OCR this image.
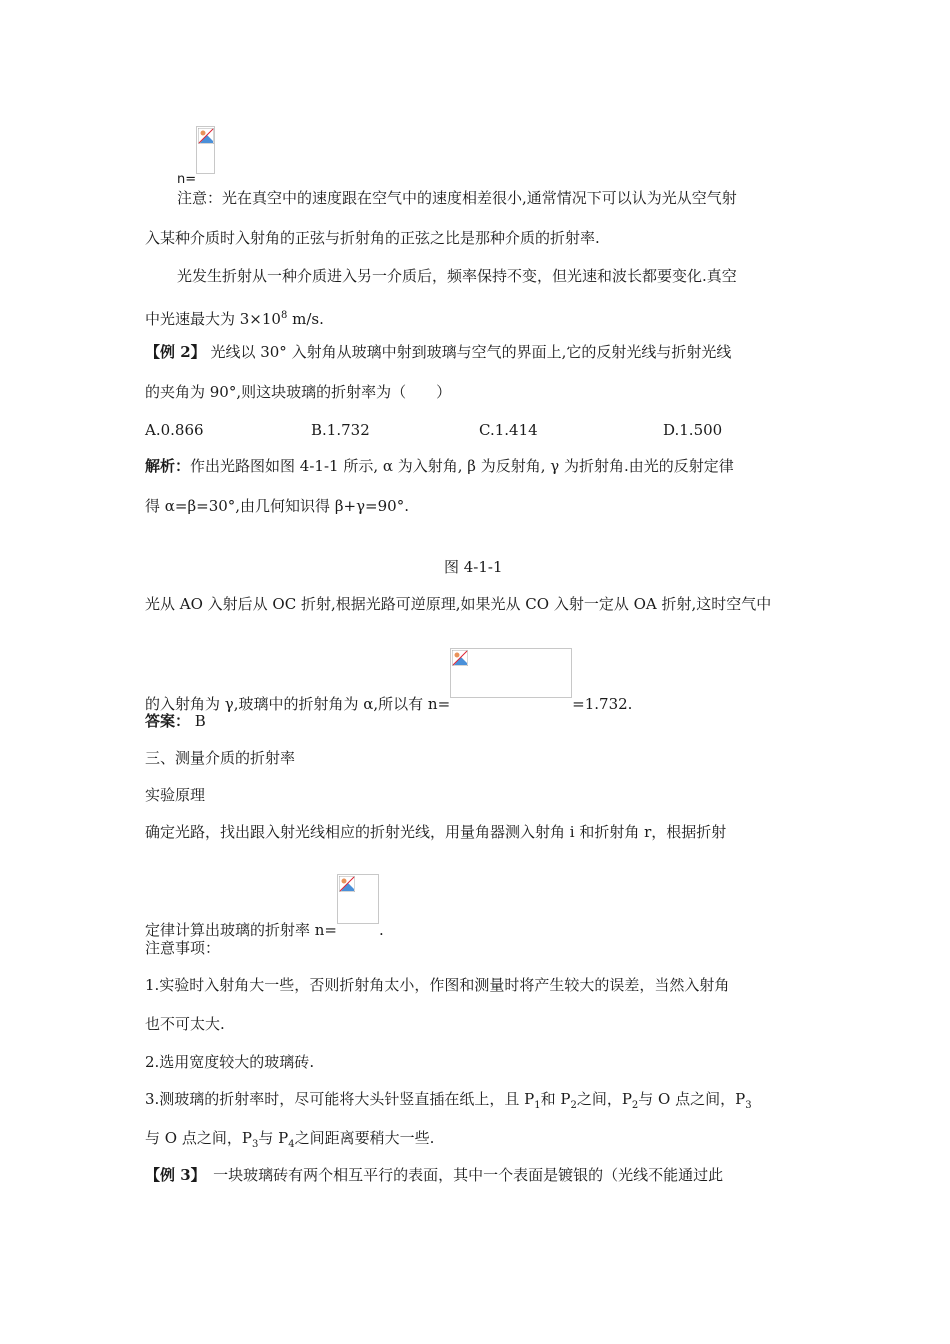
n=
注意：光在真空中的速度跟在空气中的速度相差很小,通常情况下可以认为光从空气射
入某种介质时入射角的正弦与折射角的正弦之比是那种介质的折射率.
光发生折射从一种介质进入另一介质后，频率保持不变，但光速和波长都要变化.真空
中光速最大为 $3\times 10^8$ m/s.
【例 2】 光线以 30° 入射角从玻璃中射到玻璃与空气的界面上,它的反射光线与折射光线
的夹角为 90°,则这块玻璃的折射率为（　　）
A.0.866	B.1.732	C.1.414	D.1.500
解析：作出光路图如图 4-1-1 所示, α 为入射角, β 为反射角, γ 为折射角.由光的反射定律
得 α=β=30°,由几何知识得 β+γ=90°.
图 4-1-1
光从 AO 入射后从 OC 折射,根据光路可逆原理,如果光从 CO 入射一定从 OA 折射,这时空气中
的入射角为 γ,玻璃中的折射角为 α,所以有 n=	=1.732.
答案： B
三、测量介质的折射率
实验原理
确定光路，找出跟入射光线相应的折射光线，用量角器测入射角 i 和折射角 r，根据折射
定律计算出玻璃的折射率 n=	.
注意事项：
1.实验时入射角大一些，否则折射角太小，作图和测量时将产生较大的误差，当然入射角
也不可太大.
2.选用宽度较大的玻璃砖.
3.测玻璃的折射率时，尽可能将大头针竖直插在纸上，且 $P_1$和 $P_2$之间，$P_2$与 O 点之间，$P_3$
与 O 点之间，$P_3$与 $P_4$之间距离要稍大一些.
【例 3】　一块玻璃砖有两个相互平行的表面，其中一个表面是镀银的（光线不能通过此
